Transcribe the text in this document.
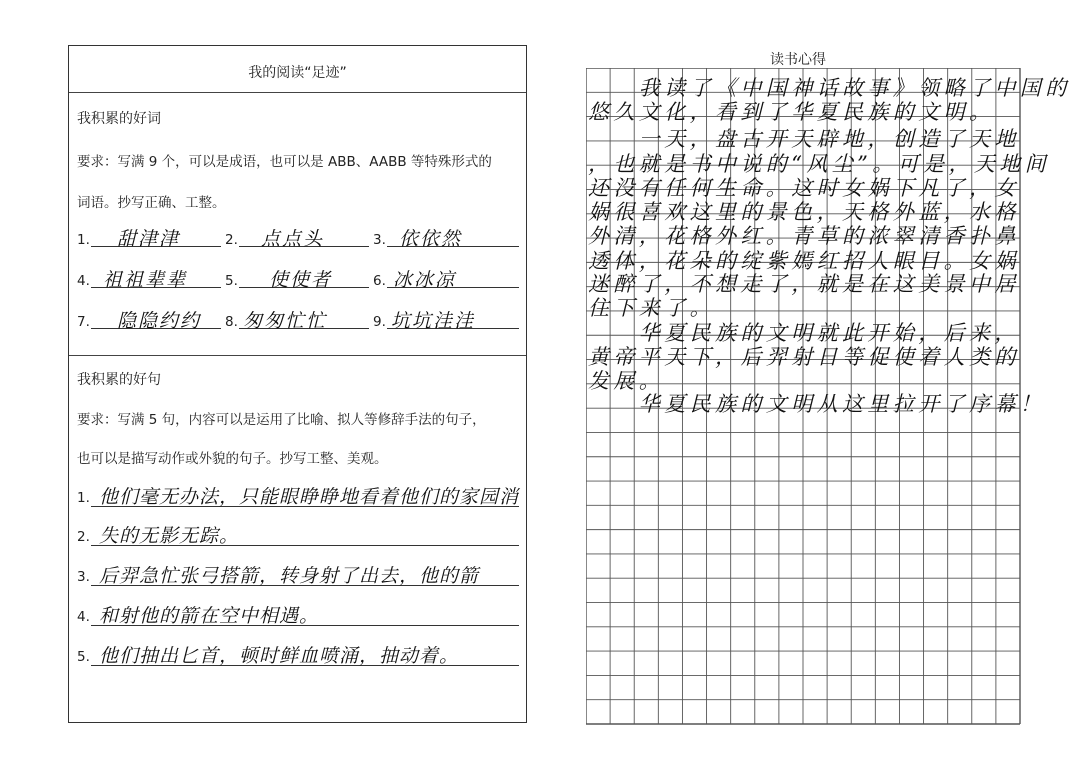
我的阅读“足迹”
我积累的好词
要求：写满 9 个，可以是成语，也可以是 ABB、AABB 等特殊形式的
词语。抄写正确、工整。
1. 甜津津	2. 点点头	3. 依依然
4. 祖祖辈辈	5. 使使者	6. 冰冰凉
7. 隐隐约约 8. 匆匆忙忙	9. 坑坑洼洼
我积累的好句
要求：写满 5 句，内容可以是运用了比喻、拟人等修辞手法的句子，
也可以是描写动作或外貌的句子。抄写工整、美观。
1. 他们毫无办法，只能眼睁睁地看着他们的家园消
2. 失的无影无踪。
3. 后羿急忙张弓搭箭，转身射了出去，他的箭
4. 和射他的箭在空中相遇。
5. 他们抽出匕首，顿时鲜血喷涌，抽动着。
读书心得
　　我读了《中国神话故事》领略了中国的
悠久文化，看到了华夏民族的文明。
　　一天，盘古开天辟地，创造了天地
，也就是书中说的“风尘”。可是，天地间
还没有任何生命。这时女娲下凡了，女
娲很喜欢这里的景色，天格外蓝，水格
外清，花格外红。青草的浓翠清香扑鼻
透体，花朵的绽紫嫣红招人眼目。女娲
迷醉了，不想走了，就是在这美景中居
住下来了。
　　华夏民族的文明就此开始，后来，
黄帝平天下，后羿射日等促使着人类的
发展。
　　华夏民族的文明从这里拉开了序幕！
